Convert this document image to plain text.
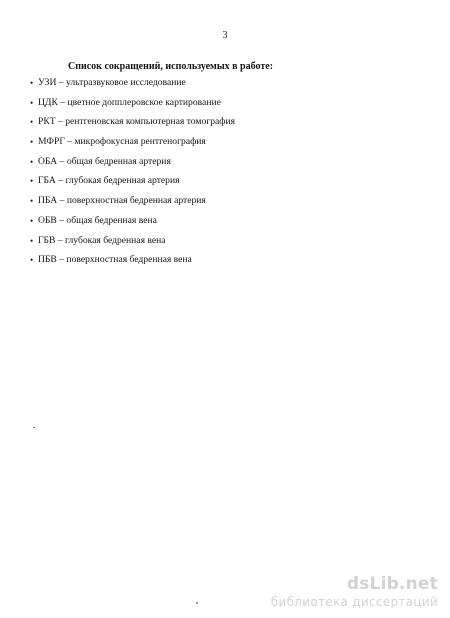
3
Список сокращений, используемых в работе:
• УЗИ – ультразвуковое исследование
• ЦДК – цветное допплеровское картирование
• РКТ – рентгеновская компьютерная томография
• МФРГ – микрофокусная рентгенография
• ОБА – общая бедренная артерия
• ГБА – глубокая бедренная артерия
• ПБА – поверхностная бедренная артерия
• ОБВ – общая бедренная вена
• ГБВ – глубокая бедренная вена
• ПБВ – поверхностная бедренная вена
dsLib.net
библиотека диссертаций
